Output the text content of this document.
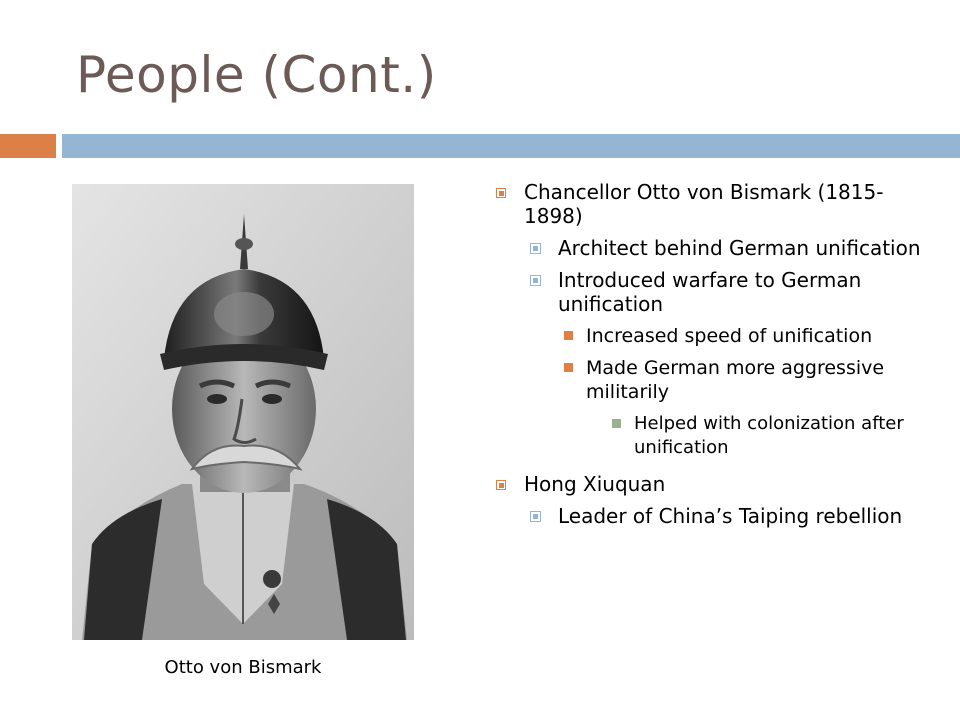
People (Cont.)
Otto von Bismark
Chancellor Otto von Bismark (1815-1898)
Architect behind German unification
Introduced warfare to German unification
Increased speed of unification
Made German more aggressive militarily
Helped with colonization after unification
Hong Xiuquan
Leader of China’s Taiping rebellion
